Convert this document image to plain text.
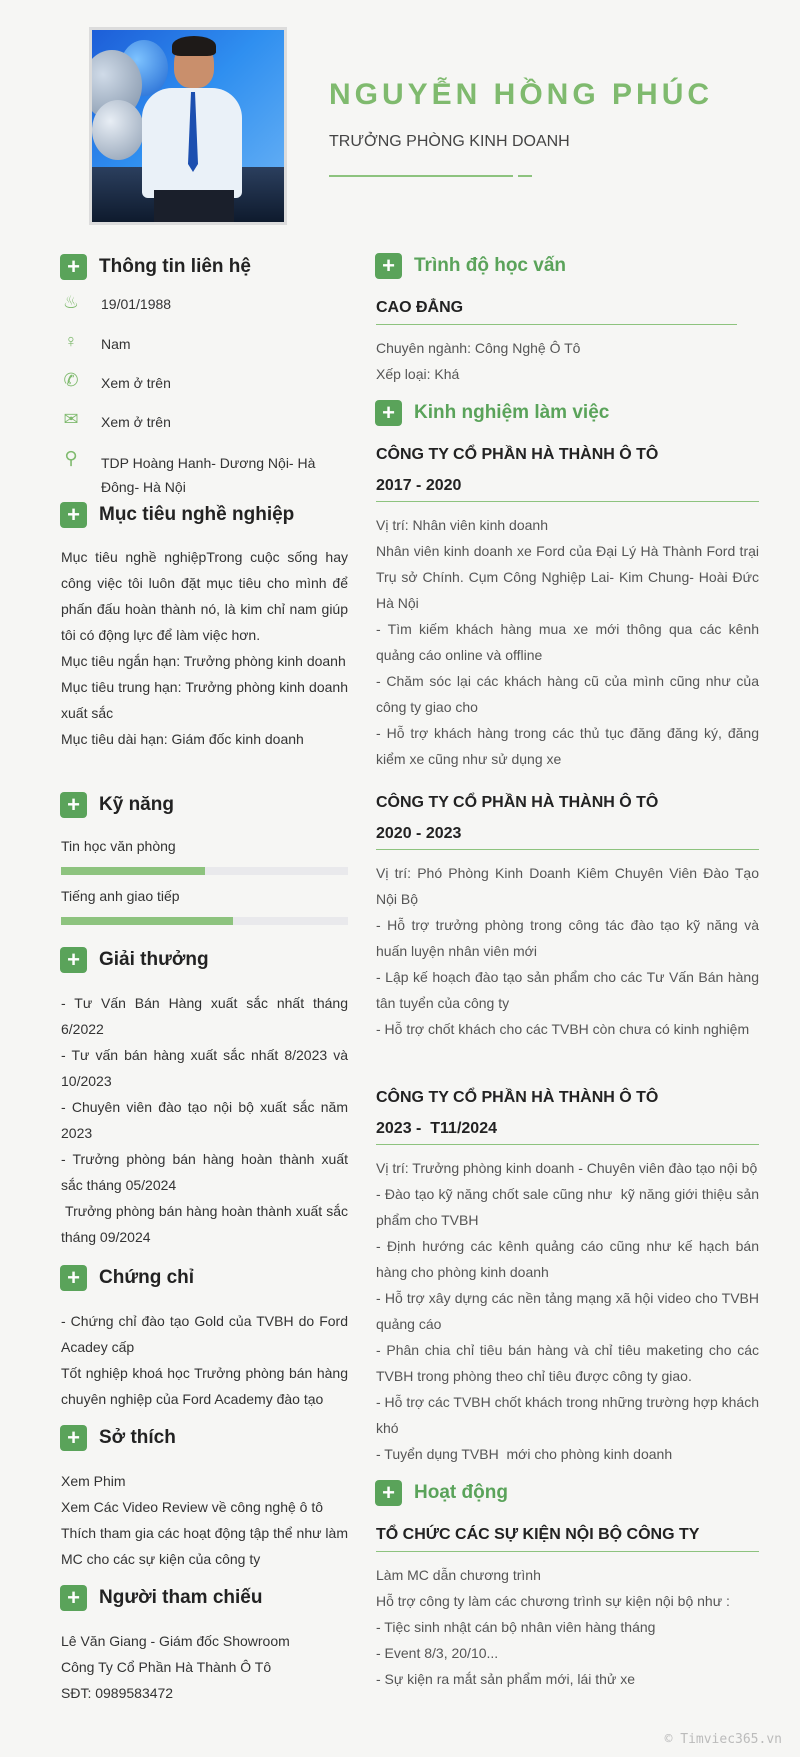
NGUYỄN HỒNG PHÚC
TRƯỞNG PHÒNG KINH DOANH
+	Thông tin liên hệ
♨ 19/01/1988
♀	Nam
✆ Xem ở trên
✉ Xem ở trên
⚲	TDP Hoàng Hanh- Dương Nội- Hà Đông- Hà Nội
+	Mục tiêu nghề nghiệp

Mục tiêu nghề nghiệpTrong cuộc sống hay công việc tôi luôn đặt mục tiêu cho mình để phấn đấu hoàn thành nó, là kim chỉ nam giúp tôi có động lực để làm việc hơn.

Mục tiêu ngắn hạn: Trưởng phòng kinh doanh

Mục tiêu trung hạn: Trưởng phòng kinh doanh xuất sắc

Mục tiêu dài hạn: Giám đốc kinh doanh

+	Kỹ năng
Tin học văn phòng
Tiếng anh giao tiếp
+	Giải thưởng

- Tư Vấn Bán Hàng xuất sắc nhất tháng 6/2022

- Tư vấn bán hàng xuất sắc nhất 8/2023 và 10/2023

- Chuyên viên đào tạo nội bộ xuất sắc năm 2023

- Trưởng phòng bán hàng hoàn thành xuất sắc tháng 05/2024

Trưởng phòng bán hàng hoàn thành xuất sắc tháng 09/2024

+	Chứng chỉ

- Chứng chỉ đào tạo Gold của TVBH do Ford Acadey cấp

Tốt nghiệp khoá học Trưởng phòng bán hàng chuyên nghiệp của Ford Academy đào tạo

+	Sở thích

Xem Phim

Xem Các Video Review về công nghệ ô tô

Thích tham gia các hoạt động tập thể như làm MC cho các sự kiện của công ty

+	Người tham chiếu

Lê Văn Giang - Giám đốc Showroom

Công Ty Cổ Phần Hà Thành Ô Tô

SĐT: 0989583472

+	Trình độ học vấn
CAO ĐẲNG

Chuyên ngành: Công Nghệ Ô Tô

Xếp loại: Khá

+	Kinh nghiệm làm việc
CÔNG TY CỔ PHẦN HÀ THÀNH Ô TÔ
2017 - 2020

Vị trí: Nhân viên kinh doanh

Nhân viên kinh doanh xe Ford của Đại Lý Hà Thành Ford trại Trụ sở Chính. Cụm Công Nghiệp Lai- Kim Chung- Hoài Đức Hà Nội

- Tìm kiếm khách hàng mua xe mới thông qua các kênh quảng cáo online và offline

- Chăm sóc lại các khách hàng cũ của mình cũng như của công ty giao cho

- Hỗ trợ khách hàng trong các thủ tục đăng đăng ký, đăng kiểm xe cũng như sử dụng xe

CÔNG TY CỔ PHẦN HÀ THÀNH Ô TÔ
2020 - 2023

Vị trí: Phó Phòng Kinh Doanh Kiêm Chuyên Viên Đào Tạo Nội Bộ

- Hỗ trợ trưởng phòng trong công tác đào tạo kỹ năng và huấn luyện nhân viên mới

- Lập kế hoạch đào tạo sản phẩm cho các Tư Vấn Bán hàng tân tuyển của công ty

- Hỗ trợ chốt khách cho các TVBH còn chưa có kinh nghiệm

CÔNG TY CỔ PHẦN HÀ THÀNH Ô TÔ
2023 -  T11/2024

Vị trí: Trưởng phòng kinh doanh - Chuyên viên đào tạo nội bộ

- Đào tạo kỹ năng chốt sale cũng như  kỹ năng giới thiệu sản phẩm cho TVBH

- Định hướng các kênh quảng cáo cũng như kế hạch bán hàng cho phòng kinh doanh

- Hỗ trợ xây dựng các nền tảng mạng xã hội video cho TVBH quảng cáo

- Phân chia chỉ tiêu bán hàng và chỉ tiêu maketing cho các TVBH trong phòng theo chỉ tiêu được công ty giao.

- Hỗ trợ các TVBH chốt khách trong những trường hợp khách khó

- Tuyển dụng TVBH  mới cho phòng kinh doanh

+	Hoạt động
TỔ CHỨC CÁC SỰ KIỆN NỘI BỘ CÔNG TY

Làm MC dẫn chương trình

Hỗ trợ công ty làm các chương trình sự kiện nội bộ như :

- Tiệc sinh nhật cán bộ nhân viên hàng tháng

- Event 8/3, 20/10...

- Sự kiện ra mắt sản phẩm mới, lái thử xe

© Timviec365.vn
